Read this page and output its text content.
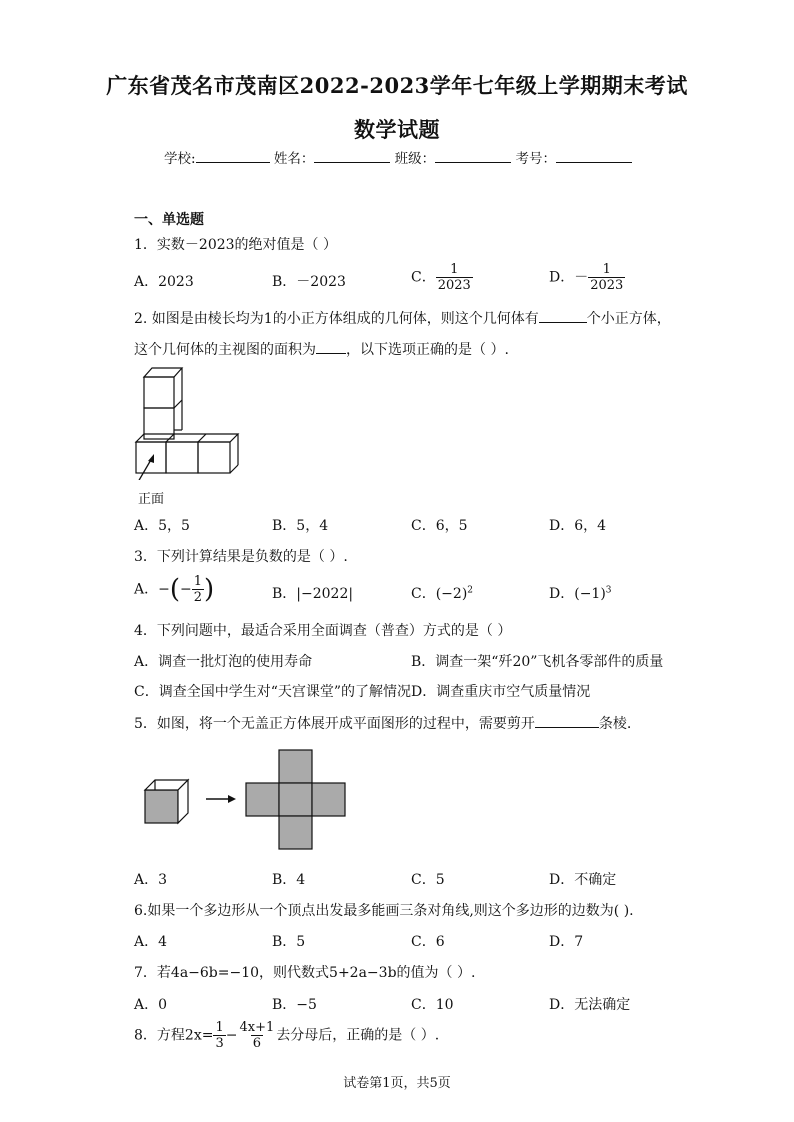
广东省茂名市茂南区2022-2023学年七年级上学期期末考试
数学试题
学校:	姓名：	班级：	考号：
一、单选题
1．实数－2023的绝对值是（ ）
A．2023	B．－2023	C． $\frac{1}{2023}$	D．－ $\frac{1}{2023}$
2. 如图是由棱长均为1的小正方体组成的几何体，则这个几何体有	个小正方体，
这个几何体的主视图的面积为 ，以下选项正确的是（ ）.
正面
A．5，5	B．5，4	C．6，5	D．6，4
3．下列计算结果是负数的是（ ）.
A．−(− $\frac{1}{2}$ )	B．|−2022|	C．$(-2)^2$	D．$(-1)^3$
4．下列问题中，最适合采用全面调查（普查）方式的是（ ）
A．调查一批灯泡的使用寿命	B．调查一架“歼20”飞机各零部件的质量
C．调查全国中学生对“天宫课堂”的了解情况 D．调查重庆市空气质量情况
5．如图，将一个无盖正方体展开成平面图形的过程中，需要剪开	条棱.
A．3	B．4	C．5	D．不确定
6.如果一个多边形从一个顶点出发最多能画三条对角线,则这个多边形的边数为( ).
A．4	B．5	C．6	D．7
7．若4a−6b=−10，则代数式5+2a−3b的值为（ ）.
A．0	B．−5	C．10	D．无法确定
8．方程$2x= \frac{1}{3} - \frac{4x+1}{6}$ 去分母后，正确的是（ ）.
试卷第1页，共5页
